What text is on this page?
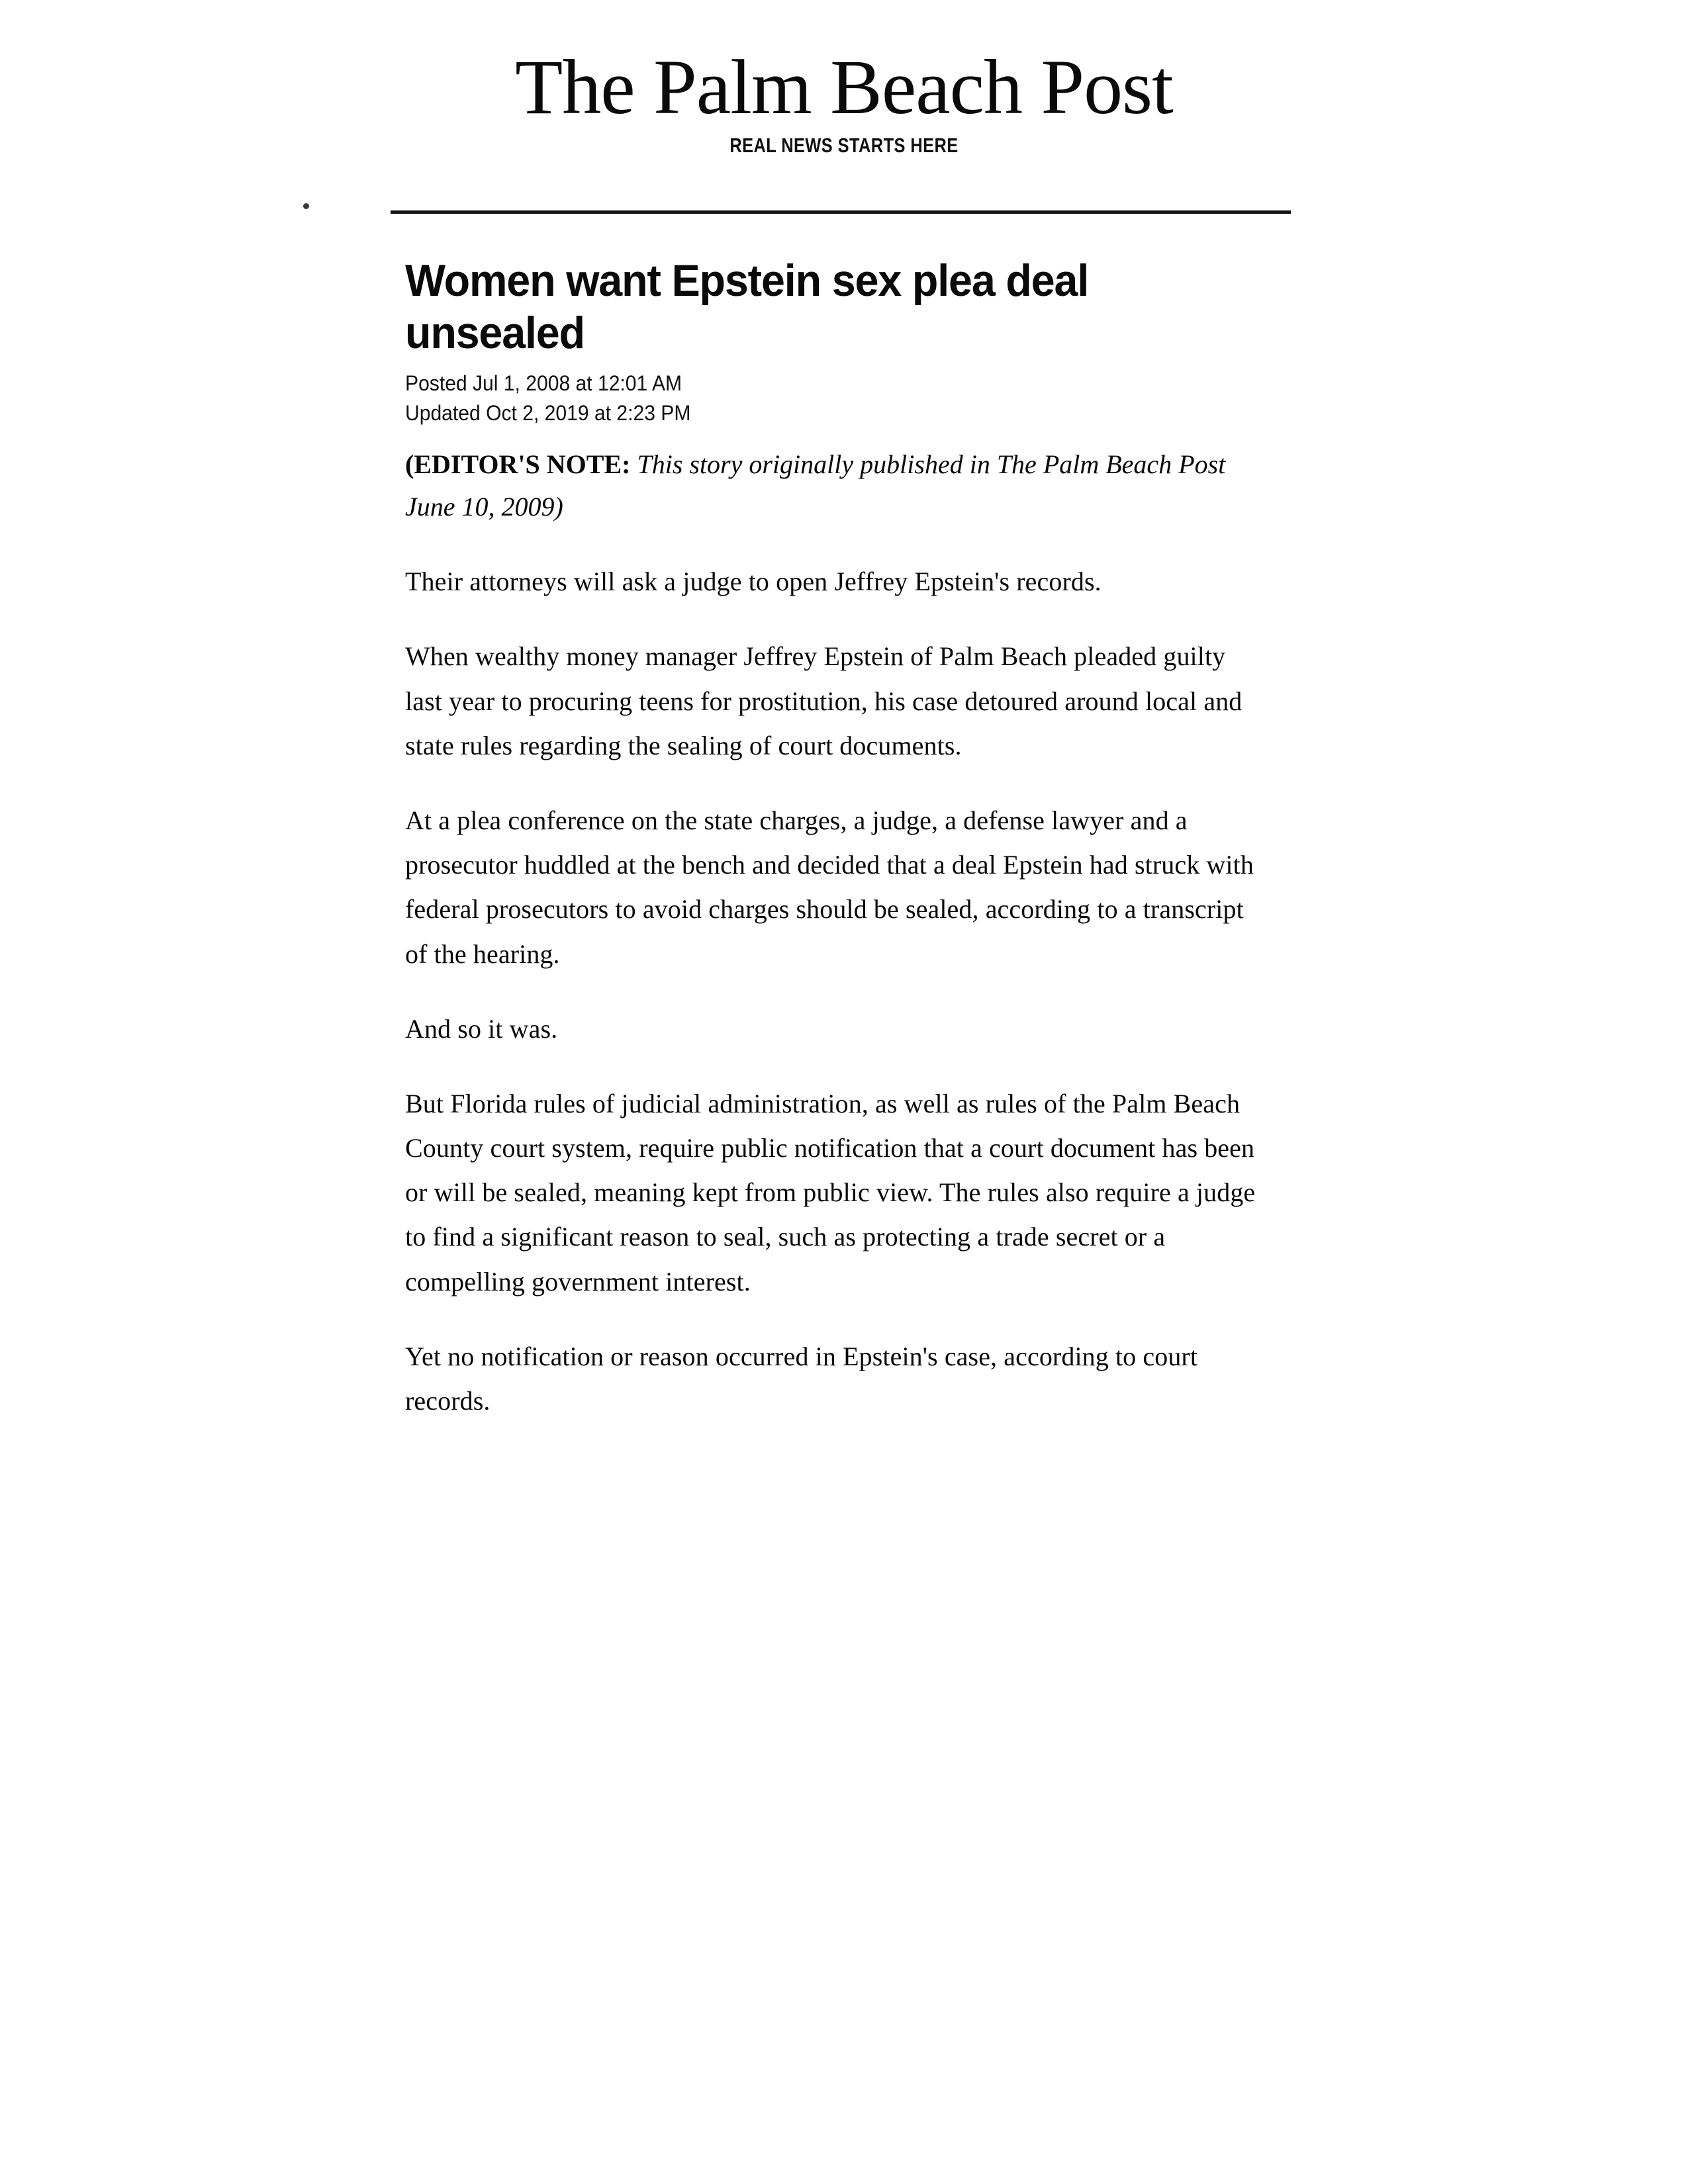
The Palm Beach Post
REAL NEWS STARTS HERE
Women want Epstein sex plea deal unsealed
Posted Jul 1, 2008 at 12:01 AM
Updated Oct 2, 2019 at 2:23 PM
(EDITOR'S NOTE: This story originally published in The Palm Beach Post June 10, 2009)

Their attorneys will ask a judge to open Jeffrey Epstein's records.

When wealthy money manager Jeffrey Epstein of Palm Beach pleaded guilty last year to procuring teens for prostitution, his case detoured around local and state rules regarding the sealing of court documents.

At a plea conference on the state charges, a judge, a defense lawyer and a prosecutor huddled at the bench and decided that a deal Epstein had struck with federal prosecutors to avoid charges should be sealed, according to a transcript of the hearing.

And so it was.

But Florida rules of judicial administration, as well as rules of the Palm Beach County court system, require public notification that a court document has been or will be sealed, meaning kept from public view. The rules also require a judge to find a significant reason to seal, such as protecting a trade secret or a compelling government interest.

Yet no notification or reason occurred in Epstein's case, according to court records.
